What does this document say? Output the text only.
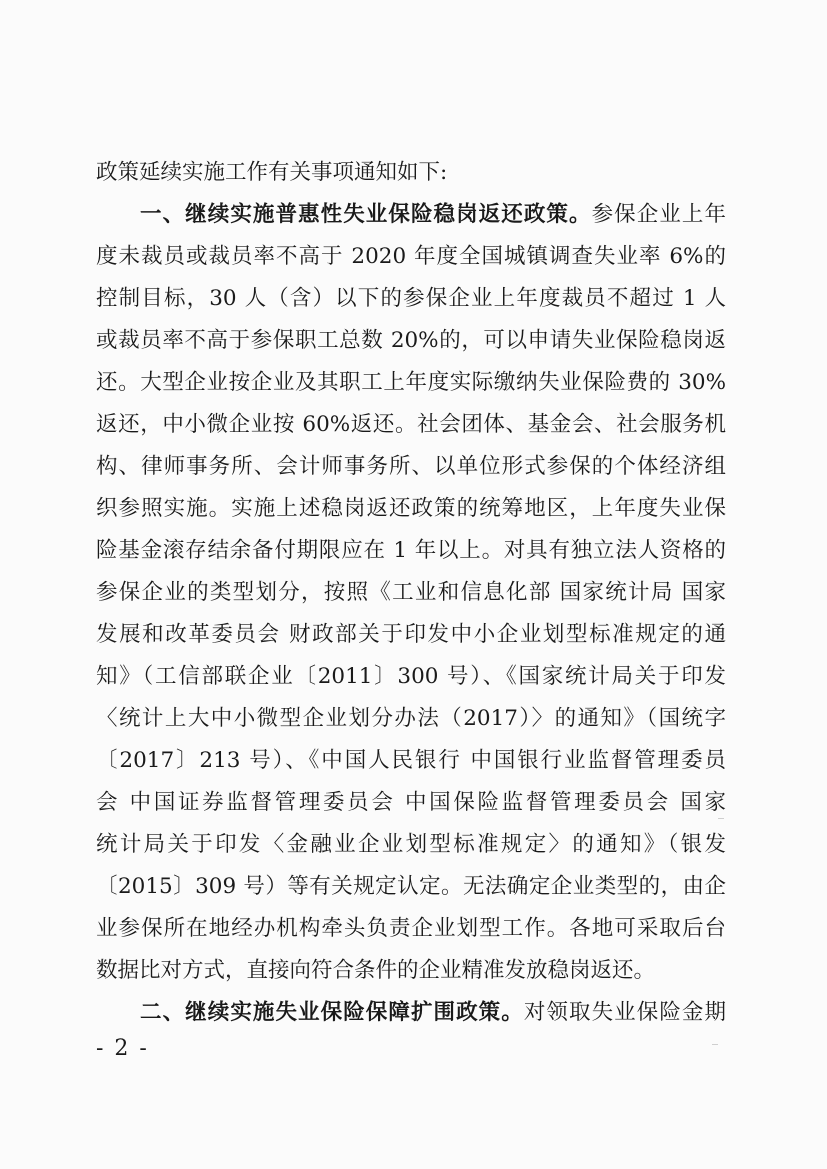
政策延续实施工作有关事项通知如下:
一、继续实施普惠性失业保险稳岗返还政策。参保企业上年
度未裁员或裁员率不高于 2020 年度全国城镇调查失业率 6%的
控制目标，30 人（含）以下的参保企业上年度裁员不超过 1 人
或裁员率不高于参保职工总数 20%的，可以申请失业保险稳岗返
还。大型企业按企业及其职工上年度实际缴纳失业保险费的 30%
返还，中小微企业按 60%返还。社会团体、基金会、社会服务机
构、律师事务所、会计师事务所、以单位形式参保的个体经济组
织参照实施。实施上述稳岗返还政策的统筹地区，上年度失业保
险基金滚存结余备付期限应在 1 年以上。对具有独立法人资格的
参保企业的类型划分，按照《工业和信息化部 国家统计局 国家
发展和改革委员会 财政部关于印发中小企业划型标准规定的通
知》（工信部联企业〔2011〕300 号）、《国家统计局关于印发
〈统计上大中小微型企业划分办法（2017）〉的通知》（国统字
〔2017〕213 号）、《中国人民银行 中国银行业监督管理委员
会 中国证券监督管理委员会 中国保险监督管理委员会 国家
统计局关于印发〈金融业企业划型标准规定〉的通知》（银发
〔2015〕309 号）等有关规定认定。无法确定企业类型的，由企
业参保所在地经办机构牵头负责企业划型工作。各地可采取后台
数据比对方式，直接向符合条件的企业精准发放稳岗返还。
二、继续实施失业保险保障扩围政策。对领取失业保险金期
- 2 -
